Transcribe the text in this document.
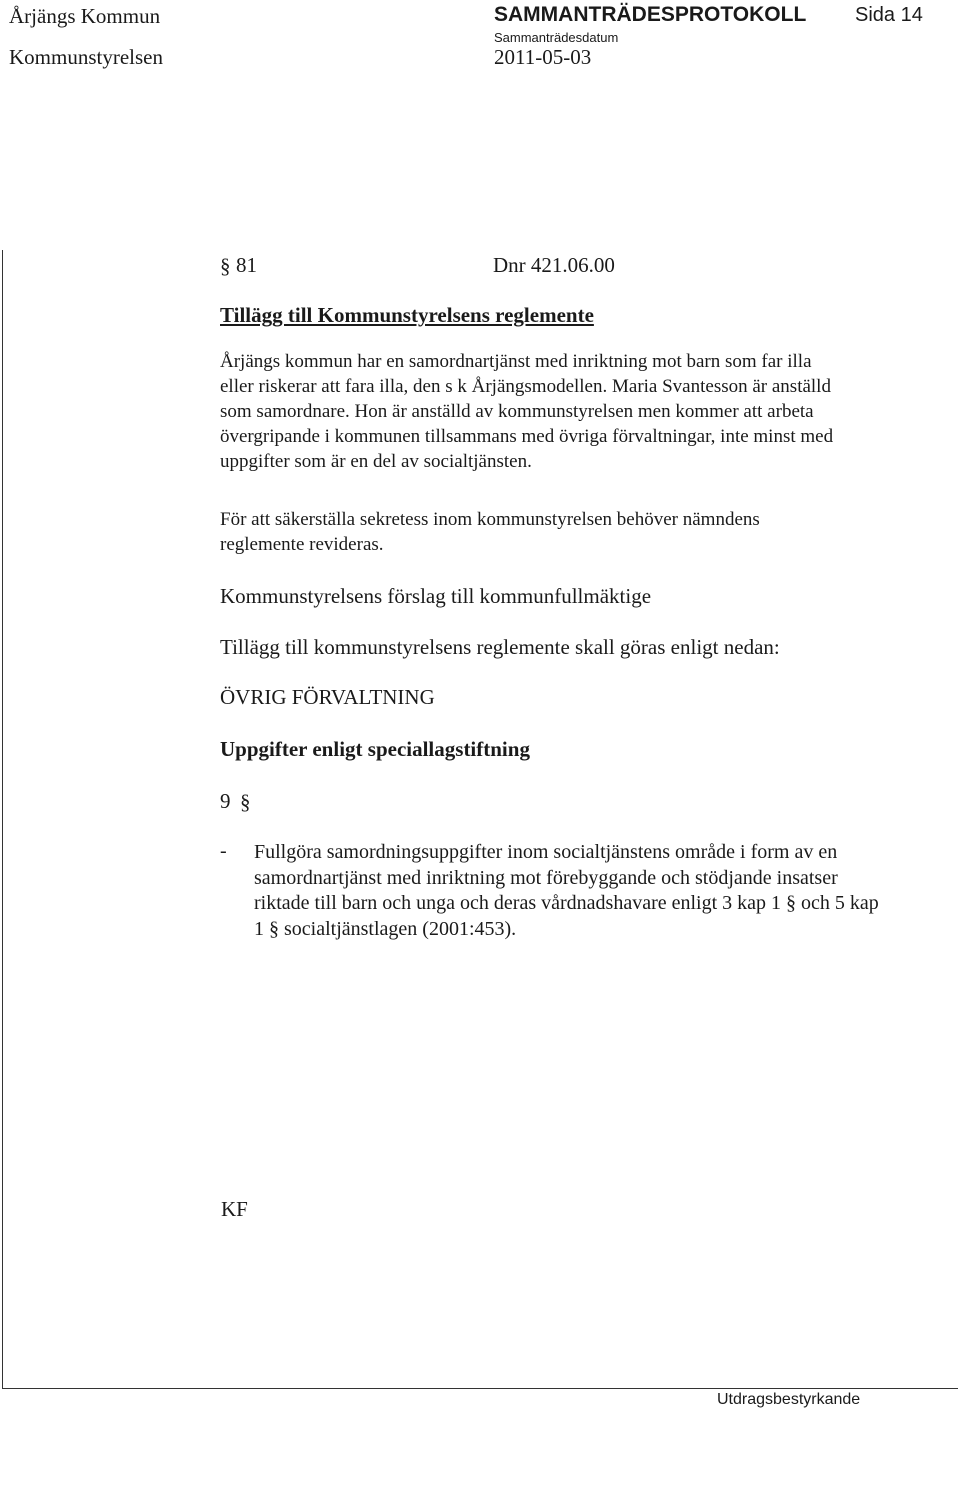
Årjängs Kommun	SAMMANTRÄDESPROTOKOLL Sida 14
Kommunstyrelsen
Sammanträdesdatum
2011-05-03
§ 81	Dnr 421.06.00
Tillägg till Kommunstyrelsens reglemente

Årjängs kommun har en samordnartjänst med inriktning mot barn som far illa

eller riskerar att fara illa, den s k Årjängsmodellen. Maria Svantesson är anställd

som samordnare. Hon är anställd av kommunstyrelsen men kommer att arbeta

övergripande i kommunen tillsammans med övriga förvaltningar, inte minst med

uppgifter som är en del av socialtjänsten.

För att säkerställa sekretess inom kommunstyrelsen behöver nämndens

reglemente revideras.

Kommunstyrelsens förslag till kommunfullmäktige
Tillägg till kommunstyrelsens reglemente skall göras enligt nedan:
ÖVRIG FÖRVALTNING
Uppgifter enligt speciallagstiftning
9 §
- Fullgöra samordningsuppgifter inom socialtjänstens område i form av en
samordnartjänst med inriktning mot förebyggande och stödjande insatser
riktade till barn och unga och deras vårdnadshavare enligt 3 kap 1 § och 5 kap
1 § socialtjänstlagen (2001:453).
KF
Utdragsbestyrkande
